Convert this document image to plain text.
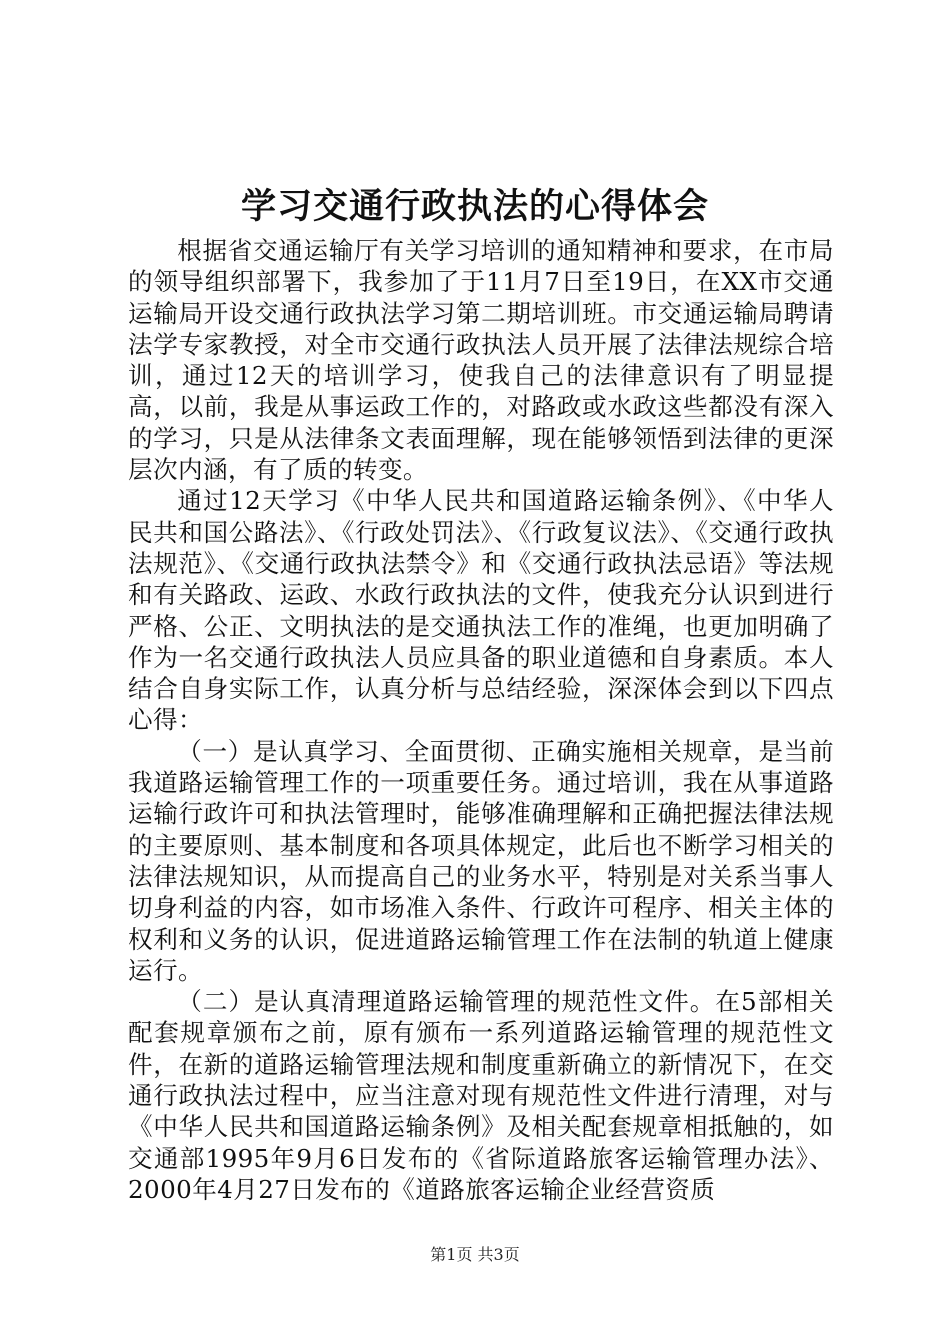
学习交通行政执法的心得体会

根据省交通运输厅有关学习培训的通知精神和要求，在市局的领导组织部署下，我参加了于11月7日至19日，在XX市交通运输局开设交通行政执法学习第二期培训班。市交通运输局聘请法学专家教授，对全市交通行政执法人员开展了法律法规综合培训，通过12天的培训学习，使我自己的法律意识有了明显提高，以前，我是从事运政工作的，对路政或水政这些都没有深入的学习，只是从法律条文表面理解，现在能够领悟到法律的更深层次内涵，有了质的转变。

通过12天学习《中华人民共和国道路运输条例》、《中华人民共和国公路法》、《行政处罚法》、《行政复议法》、《交通行政执法规范》、《交通行政执法禁令》和《交通行政执法忌语》等法规和有关路政、运政、水政行政执法的文件，使我充分认识到进行严格、公正、文明执法的是交通执法工作的准绳，也更加明确了作为一名交通行政执法人员应具备的职业道德和自身素质。本人结合自身实际工作，认真分析与总结经验，深深体会到以下四点心得：

（一）是认真学习、全面贯彻、正确实施相关规章，是当前我道路运输管理工作的一项重要任务。通过培训，我在从事道路运输行政许可和执法管理时，能够准确理解和正确把握法律法规的主要原则、基本制度和各项具体规定，此后也不断学习相关的法律法规知识，从而提高自己的业务水平，特别是对关系当事人切身利益的内容，如市场准入条件、行政许可程序、相关主体的权利和义务的认识，促进道路运输管理工作在法制的轨道上健康运行。

（二）是认真清理道路运输管理的规范性文件。在5部相关配套规章颁布之前，原有颁布一系列道路运输管理的规范性文件，在新的道路运输管理法规和制度重新确立的新情况下，在交通行政执法过程中，应当注意对现有规范性文件进行清理，对与《中华人民共和国道路运输条例》及相关配套规章相抵触的，如交通部1995年9月6日发布的《省际道路旅客运输管理办法》、2000年4月27日发布的《道路旅客运输企业经营资质

第1页 共3页
